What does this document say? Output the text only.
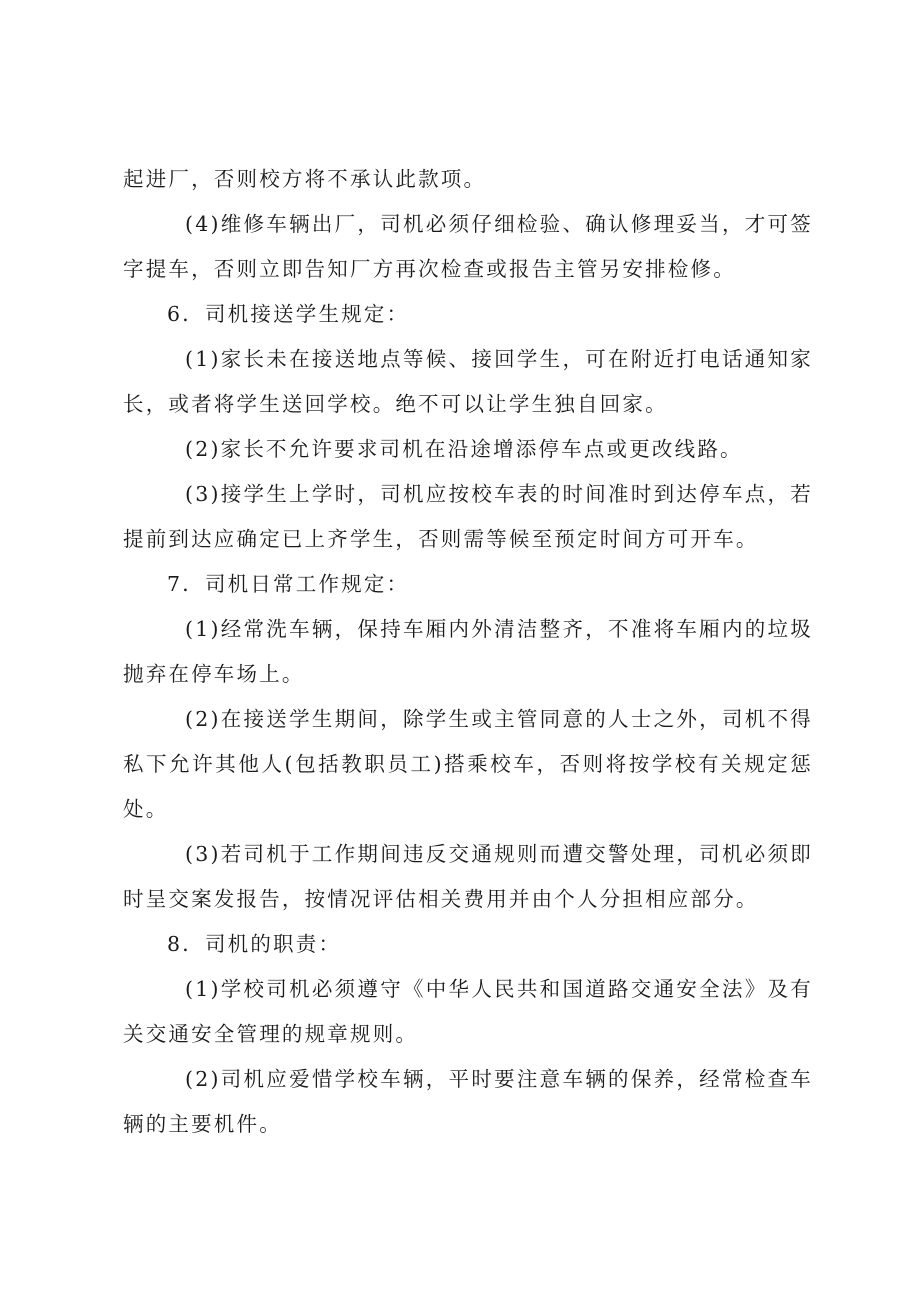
起进厂，否则校方将不承认此款项。

(4)维修车辆出厂，司机必须仔细检验、确认修理妥当，才可签字提车，否则立即告知厂方再次检查或报告主管另安排检修。

6．司机接送学生规定：

(1)家长未在接送地点等候、接回学生，可在附近打电话通知家长，或者将学生送回学校。绝不可以让学生独自回家。

(2)家长不允许要求司机在沿途增添停车点或更改线路。

(3)接学生上学时，司机应按校车表的时间准时到达停车点，若提前到达应确定已上齐学生，否则需等候至预定时间方可开车。

7．司机日常工作规定：

(1)经常洗车辆，保持车厢内外清洁整齐，不准将车厢内的垃圾抛弃在停车场上。

(2)在接送学生期间，除学生或主管同意的人士之外，司机不得私下允许其他人(包括教职员工)搭乘校车，否则将按学校有关规定惩处。

(3)若司机于工作期间违反交通规则而遭交警处理，司机必须即时呈交案发报告，按情况评估相关费用并由个人分担相应部分。

8．司机的职责：

(1)学校司机必须遵守《中华人民共和国道路交通安全法》及有关交通安全管理的规章规则。

(2)司机应爱惜学校车辆，平时要注意车辆的保养，经常检查车辆的主要机件。
